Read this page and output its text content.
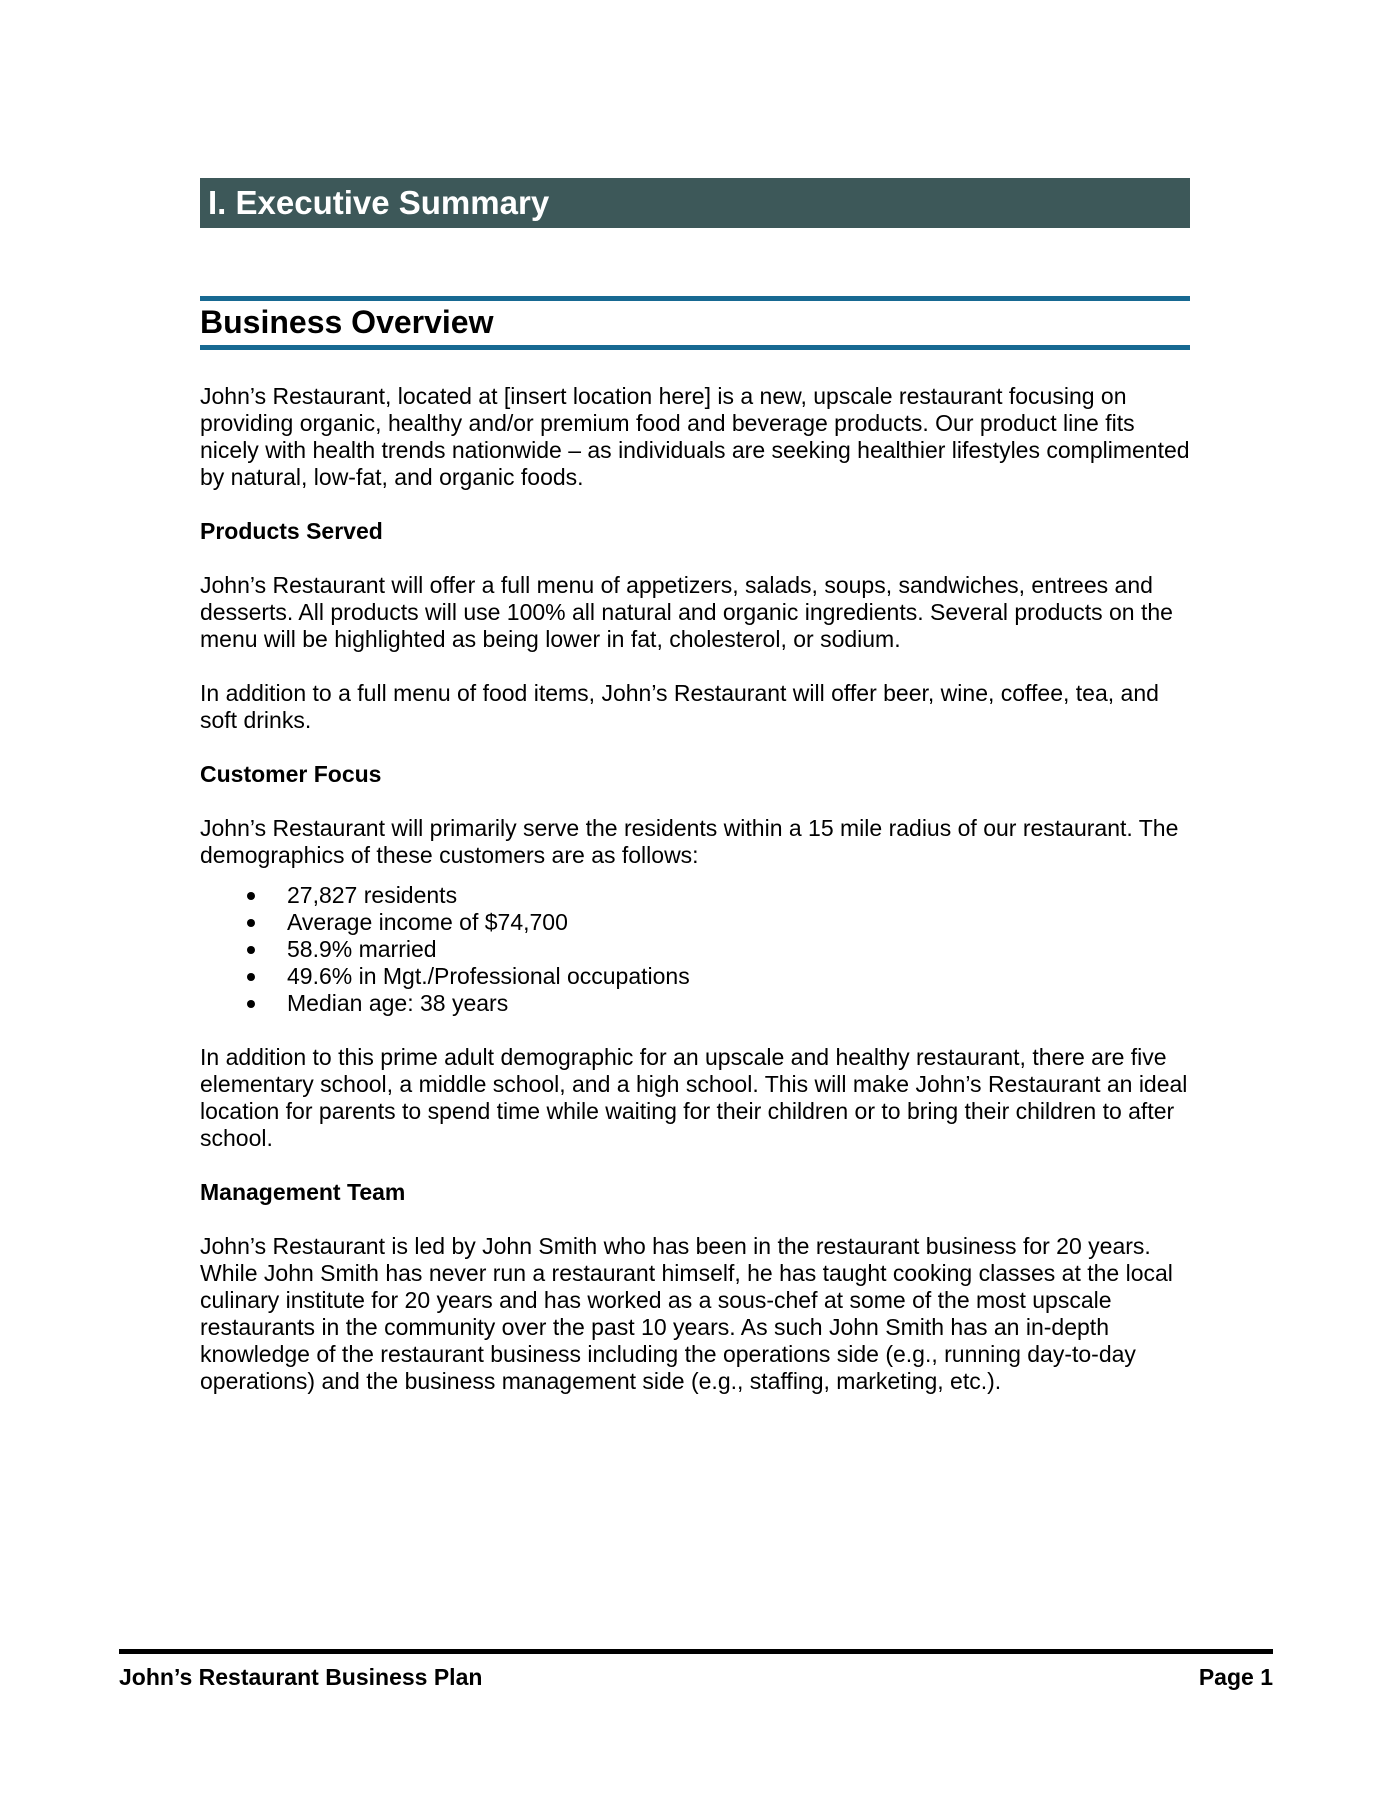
I. Executive Summary
Business Overview

John’s Restaurant, located at [insert location here] is a new, upscale restaurant focusing on providing organic, healthy and/or premium food and beverage products. Our product line fits nicely with health trends nationwide – as individuals are seeking healthier lifestyles complimented by natural, low-fat, and organic foods.

Products Served

John’s Restaurant will offer a full menu of appetizers, salads, soups, sandwiches, entrees and desserts. All products will use 100% all natural and organic ingredients. Several products on the menu will be highlighted as being lower in fat, cholesterol, or sodium.

In addition to a full menu of food items, John’s Restaurant will offer beer, wine, coffee, tea, and soft drinks.

Customer Focus

John’s Restaurant will primarily serve the residents within a 15 mile radius of our restaurant. The demographics of these customers are as follows:

27,827 residents
Average income of $74,700
58.9% married
49.6% in Mgt./Professional occupations
Median age: 38 years

In addition to this prime adult demographic for an upscale and healthy restaurant, there are five elementary school, a middle school, and a high school. This will make John’s Restaurant an ideal location for parents to spend time while waiting for their children or to bring their children to after school.

Management Team

John’s Restaurant is led by John Smith who has been in the restaurant business for 20 years. While John Smith has never run a restaurant himself, he has taught cooking classes at the local culinary institute for 20 years and has worked as a sous-chef at some of the most upscale restaurants in the community over the past 10 years. As such John Smith has an in-depth knowledge of the restaurant business including the operations side (e.g., running day-to-day operations) and the business management side (e.g., staffing, marketing, etc.).

John’s Restaurant Business Plan	Page 1
